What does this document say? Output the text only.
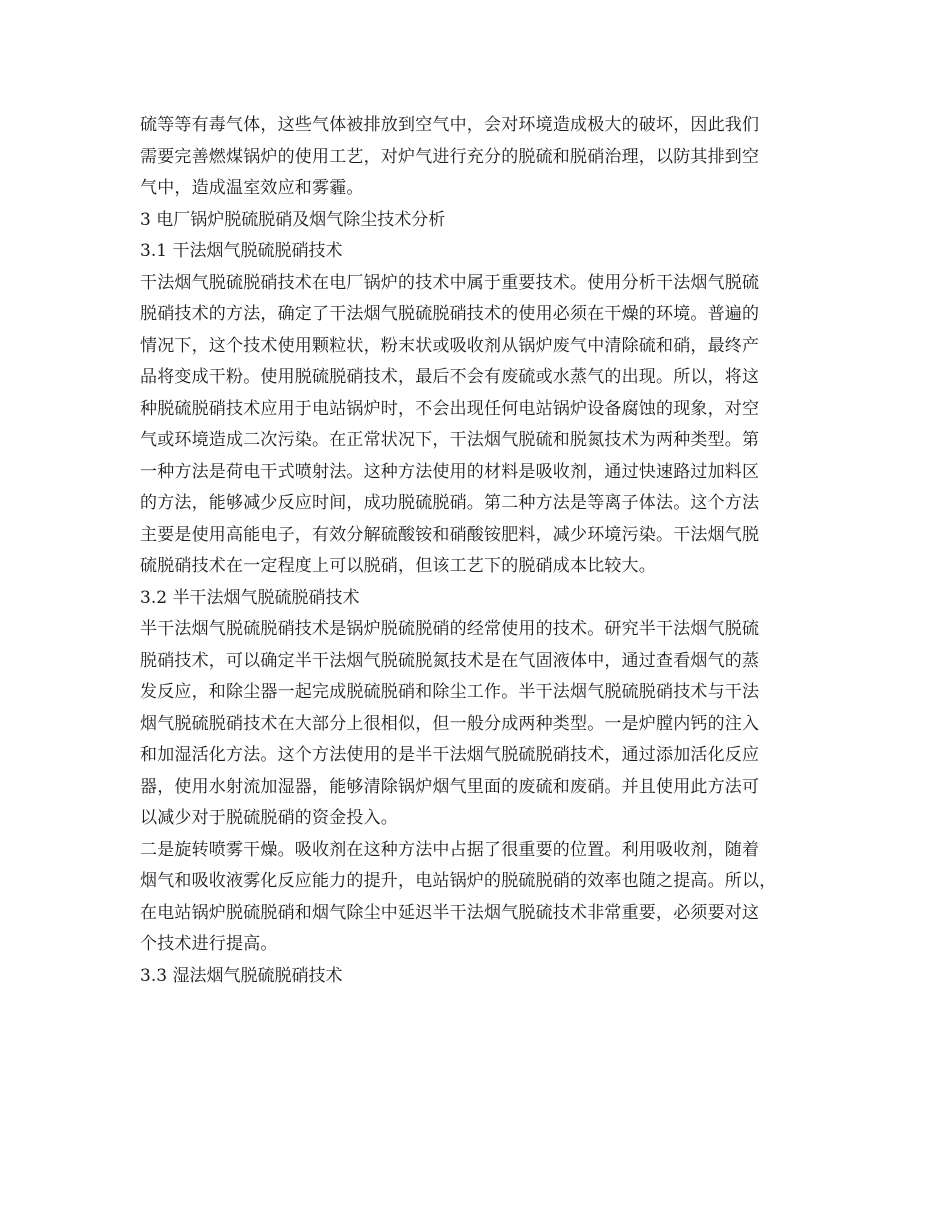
硫等等有毒气体，这些气体被排放到空气中，会对环境造成极大的破坏，因此我们
需要完善燃煤锅炉的使用工艺，对炉气进行充分的脱硫和脱硝治理，以防其排到空
气中，造成温室效应和雾霾。
3 电厂锅炉脱硫脱硝及烟气除尘技术分析
3.1 干法烟气脱硫脱硝技术
干法烟气脱硫脱硝技术在电厂锅炉的技术中属于重要技术。使用分析干法烟气脱硫
脱硝技术的方法，确定了干法烟气脱硫脱硝技术的使用必须在干燥的环境。普遍的
情况下，这个技术使用颗粒状，粉末状或吸收剂从锅炉废气中清除硫和硝，最终产
品将变成干粉。使用脱硫脱硝技术，最后不会有废硫或水蒸气的出现。所以，将这
种脱硫脱硝技术应用于电站锅炉时，不会出现任何电站锅炉设备腐蚀的现象，对空
气或环境造成二次污染。在正常状况下，干法烟气脱硫和脱氮技术为两种类型。第
一种方法是荷电干式喷射法。这种方法使用的材料是吸收剂，通过快速路过加料区
的方法，能够减少反应时间，成功脱硫脱硝。第二种方法是等离子体法。这个方法
主要是使用高能电子，有效分解硫酸铵和硝酸铵肥料，减少环境污染。干法烟气脱
硫脱硝技术在一定程度上可以脱硝，但该工艺下的脱硝成本比较大。
3.2 半干法烟气脱硫脱硝技术
半干法烟气脱硫脱硝技术是锅炉脱硫脱硝的经常使用的技术。研究半干法烟气脱硫
脱硝技术，可以确定半干法烟气脱硫脱氮技术是在气固液体中，通过查看烟气的蒸
发反应，和除尘器一起完成脱硫脱硝和除尘工作。半干法烟气脱硫脱硝技术与干法
烟气脱硫脱硝技术在大部分上很相似，但一般分成两种类型。一是炉膛内钙的注入
和加湿活化方法。这个方法使用的是半干法烟气脱硫脱硝技术，通过添加活化反应
器，使用水射流加湿器，能够清除锅炉烟气里面的废硫和废硝。并且使用此方法可
以减少对于脱硫脱硝的资金投入。
二是旋转喷雾干燥。吸收剂在这种方法中占据了很重要的位置。利用吸收剂，随着
烟气和吸收液雾化反应能力的提升，电站锅炉的脱硫脱硝的效率也随之提高。所以，
在电站锅炉脱硫脱硝和烟气除尘中延迟半干法烟气脱硫技术非常重要，必须要对这
个技术进行提高。
3.3 湿法烟气脱硫脱硝技术
